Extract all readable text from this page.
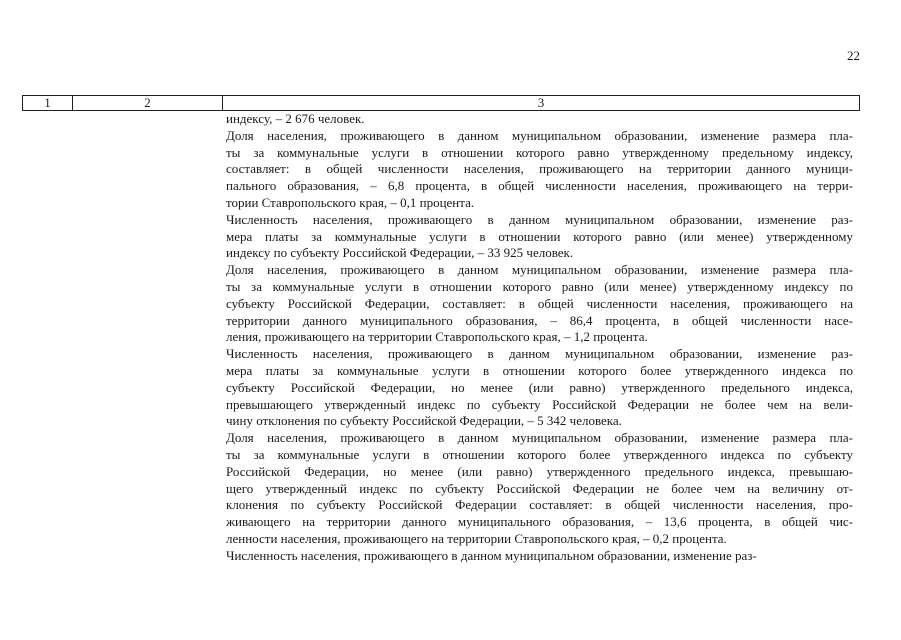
22
1	2	3

индексу, – 2 676 человек.

Доля населения, проживающего в данном муниципальном образовании, изменение размера пла-
ты за коммунальные услуги в отношении которого равно утвержденному предельному индексу,
составляет: в общей численности населения, проживающего на территории данного муници-
пального образования, – 6,8 процента, в общей численности населения, проживающего на терри-
тории Ставропольского края, – 0,1 процента.

Численность населения, проживающего в данном муниципальном образовании, изменение раз-
мера платы за коммунальные услуги в отношении которого равно (или менее) утвержденному
индексу по субъекту Российской Федерации, – 33 925 человек.

Доля населения, проживающего в данном муниципальном образовании, изменение размера пла-
ты за коммунальные услуги в отношении которого равно (или менее) утвержденному индексу по
субъекту Российской Федерации, составляет: в общей численности населения, проживающего на
территории данного муниципального образования, – 86,4 процента, в общей численности насе-
ления, проживающего на территории Ставропольского края, – 1,2 процента.

Численность населения, проживающего в данном муниципальном образовании, изменение раз-
мера платы за коммунальные услуги в отношении которого более утвержденного индекса по
субъекту Российской Федерации, но менее (или равно) утвержденного предельного индекса,
превышающего утвержденный индекс по субъекту Российской Федерации не более чем на вели-
чину отклонения по субъекту Российской Федерации, – 5 342 человека.

Доля населения, проживающего в данном муниципальном образовании, изменение размера пла-
ты за коммунальные услуги в отношении которого более утвержденного индекса по субъекту
Российской Федерации, но менее (или равно) утвержденного предельного индекса, превышаю-
щего утвержденный индекс по субъекту Российской Федерации не более чем на величину от-
клонения по субъекту Российской Федерации составляет: в общей численности населения, про-
живающего на территории данного муниципального образования, – 13,6 процента, в общей чис-
ленности населения, проживающего на территории Ставропольского края, – 0,2 процента.

Численность населения, проживающего в данном муниципальном образовании, изменение раз-
